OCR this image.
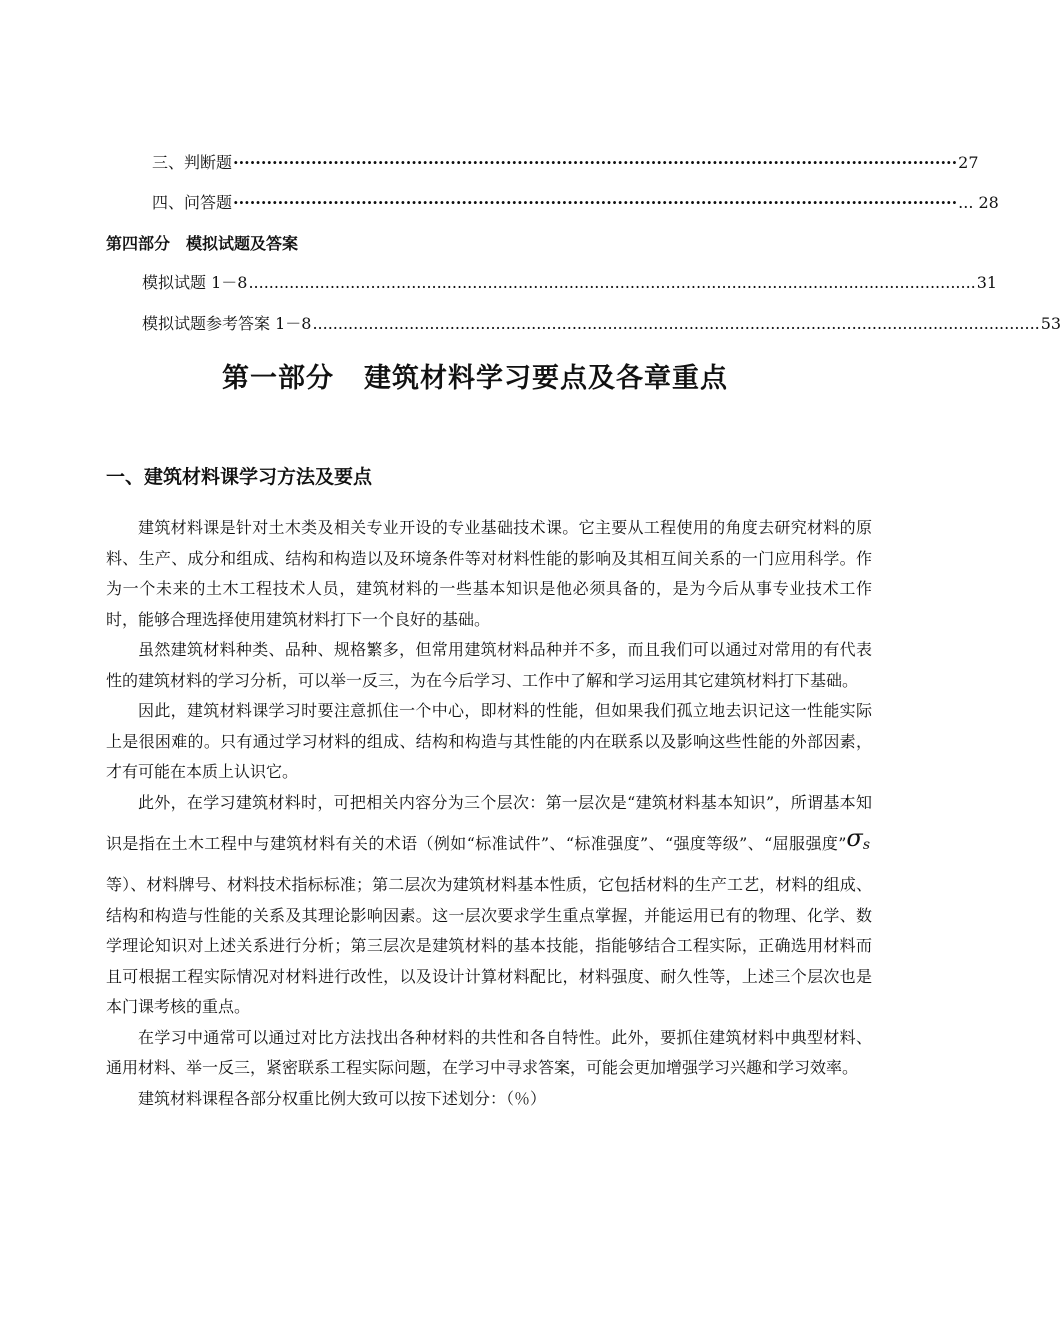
三、判断题 ·································································································································· 27
四、问答题 ·································································································································· ... 28
第四部分 模拟试题及答案
模拟试题 1－8 ............................................................................................................................................... 31
模拟试题参考答案 1－8 ............................................................................................................................................... 53
第一部分 建筑材料学习要点及各章重点
一、建筑材料课学习方法及要点

建筑材料课是针对土木类及相关专业开设的专业基础技术课。它主要从工程使用的角度去研究材料的原料、生产、成分和组成、结构和构造以及环境条件等对材料性能的影响及其相互间关系的一门应用科学。作为一个未来的土木工程技术人员，建筑材料的一些基本知识是他必须具备的，是为今后从事专业技术工作时，能够合理选择使用建筑材料打下一个良好的基础。

虽然建筑材料种类、品种、规格繁多，但常用建筑材料品种并不多，而且我们可以通过对常用的有代表性的建筑材料的学习分析，可以举一反三，为在今后学习、工作中了解和学习运用其它建筑材料打下基础。

因此，建筑材料课学习时要注意抓住一个中心，即材料的性能，但如果我们孤立地去识记这一性能实际上是很困难的。只有通过学习材料的组成、结构和构造与其性能的内在联系以及影响这些性能的外部因素，才有可能在本质上认识它。

此外，在学习建筑材料时，可把相关内容分为三个层次：第一层次是“建筑材料基本知识”，所谓基本知识是指在土木工程中与建筑材料有关的术语（例如“标准试件”、“标准强度”、“强度等级”、“屈服强度”σs等）、材料牌号、材料技术指标标准；第二层次为建筑材料基本性质，它包括材料的生产工艺，材料的组成、结构和构造与性能的关系及其理论影响因素。这一层次要求学生重点掌握，并能运用已有的物理、化学、数学理论知识对上述关系进行分析；第三层次是建筑材料的基本技能，指能够结合工程实际，正确选用材料而且可根据工程实际情况对材料进行改性，以及设计计算材料配比，材料强度、耐久性等，上述三个层次也是本门课考核的重点。

在学习中通常可以通过对比方法找出各种材料的共性和各自特性。此外，要抓住建筑材料中典型材料、通用材料、举一反三，紧密联系工程实际问题，在学习中寻求答案，可能会更加增强学习兴趣和学习效率。

建筑材料课程各部分权重比例大致可以按下述划分：（％）
